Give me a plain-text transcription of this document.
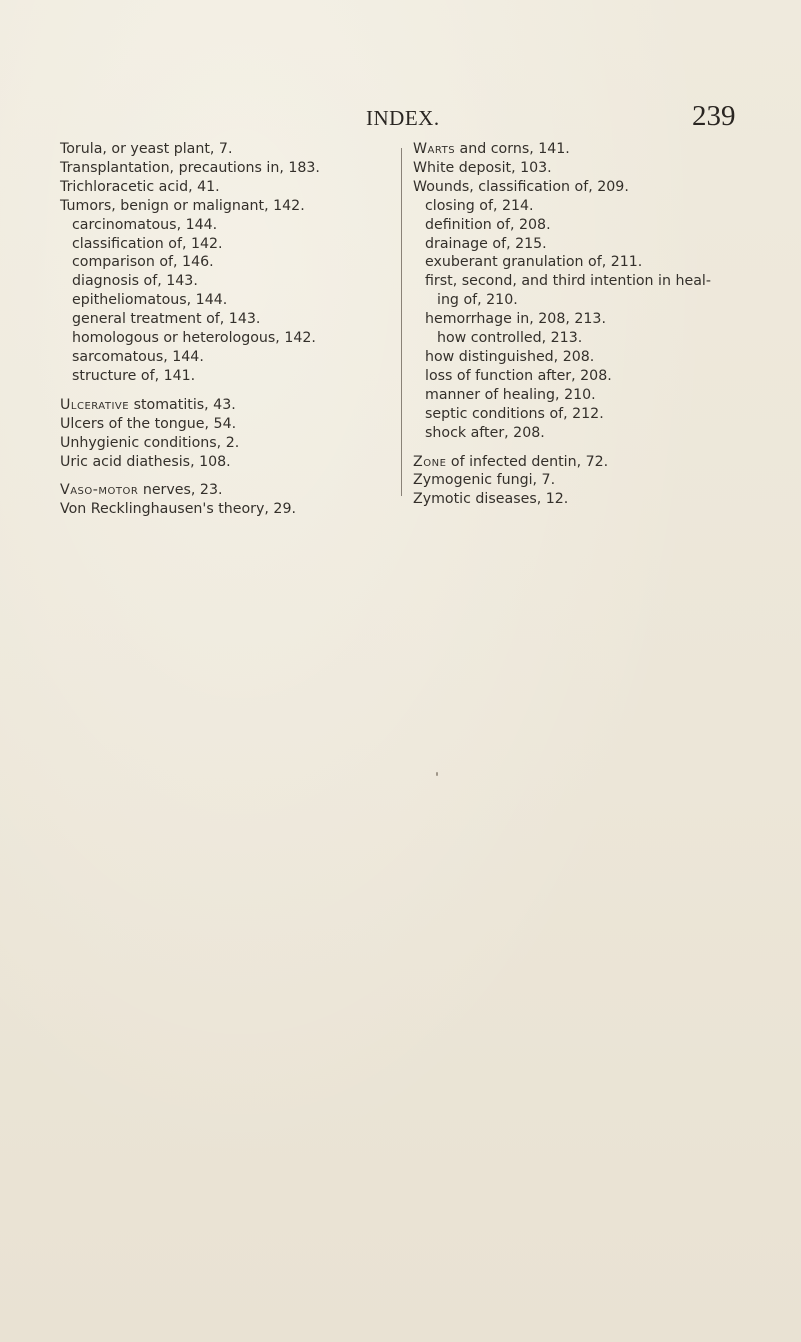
INDEX.	239
Torula, or yeast plant, 7.
Transplantation, precautions in, 183.
Trichloracetic acid, 41.
Tumors, benign or malignant, 142.
carcinomatous, 144.
classification of, 142.
comparison of, 146.
diagnosis of, 143.
epitheliomatous, 144.
general treatment of, 143.
homologous or heterologous, 142.
sarcomatous, 144.
structure of, 141.
Ulcerative stomatitis, 43.
Ulcers of the tongue, 54.
Unhygienic conditions, 2.
Uric acid diathesis, 108.
Vaso-motor nerves, 23.
Von Recklinghausen's theory, 29.
Warts and corns, 141.
White deposit, 103.
Wounds, classification of, 209.
closing of, 214.
definition of, 208.
drainage of, 215.
exuberant granulation of, 211.
first, second, and third intention in heal-
ing of, 210.
hemorrhage in, 208, 213.
how controlled, 213.
how distinguished, 208.
loss of function after, 208.
manner of healing, 210.
septic conditions of, 212.
shock after, 208.
Zone of infected dentin, 72.
Zymogenic fungi, 7.
Zymotic diseases, 12.
